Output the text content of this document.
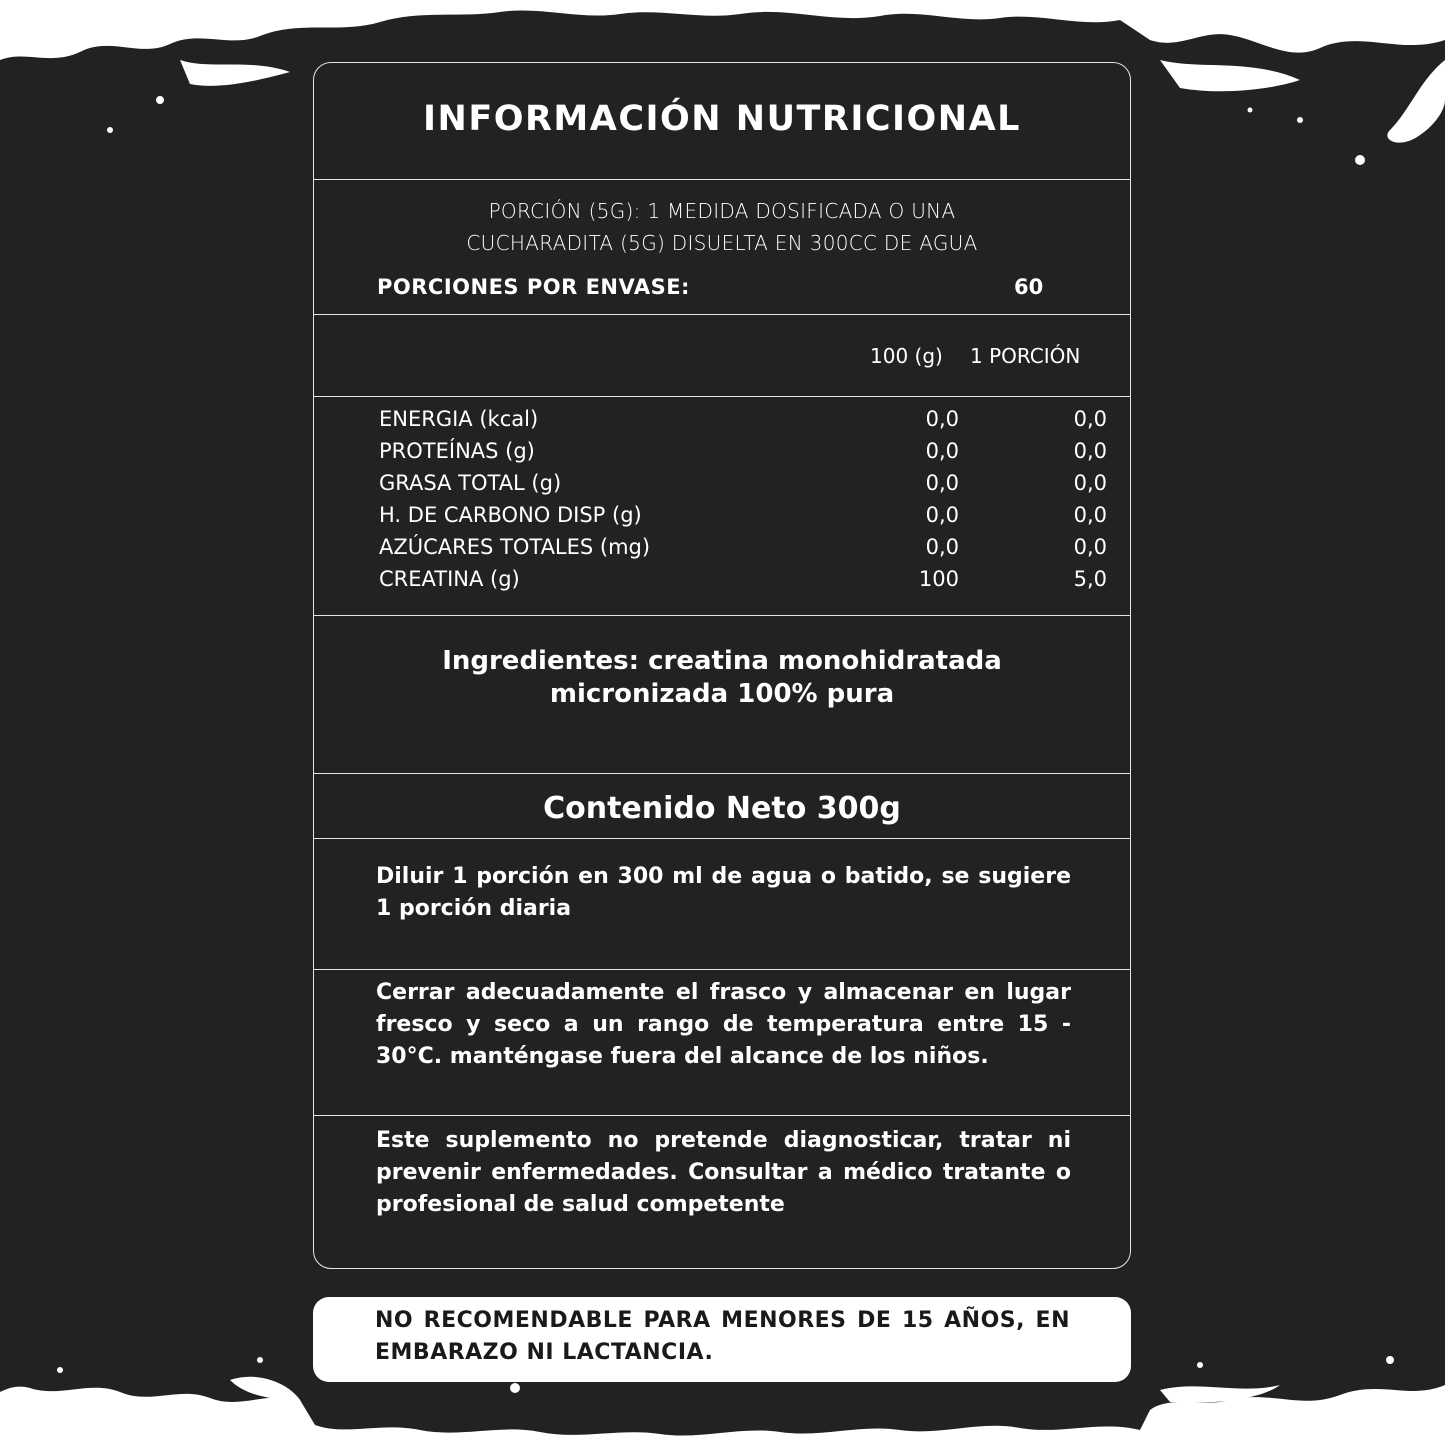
INFORMACIÓN NUTRICIONAL
PORCIÓN (5G): 1 MEDIDA DOSIFICADA O UNA
CUCHARADITA (5G) DISUELTA EN 300CC DE AGUA
PORCIONES POR ENVASE:	60
100 (g) 1 PORCIÓN
ENERGIA (kcal)	0,0	0,0
PROTEÍNAS (g)	0,0	0,0
GRASA TOTAL (g)	0,0	0,0
H. DE CARBONO DISP (g)	0,0	0,0
AZÚCARES TOTALES (mg)	0,0	0,0
CREATINA (g)	100	5,0
Ingredientes: creatina monohidratada
micronizada 100% pura
Contenido Neto 300g
Diluir 1 porción en 300 ml de agua o batido, se sugiere 1 porción diaria
Cerrar adecuadamente el frasco y almacenar en lugar fresco y seco a un rango de temperatura entre 15 - 30°C. manténgase fuera del alcance de los niños.
Este suplemento no pretende diagnosticar, tratar ni prevenir enfermedades. Consultar a médico tratante o profesional de salud competente
NO RECOMENDABLE PARA MENORES DE 15 AÑOS, EN EMBARAZO NI LACTANCIA.
